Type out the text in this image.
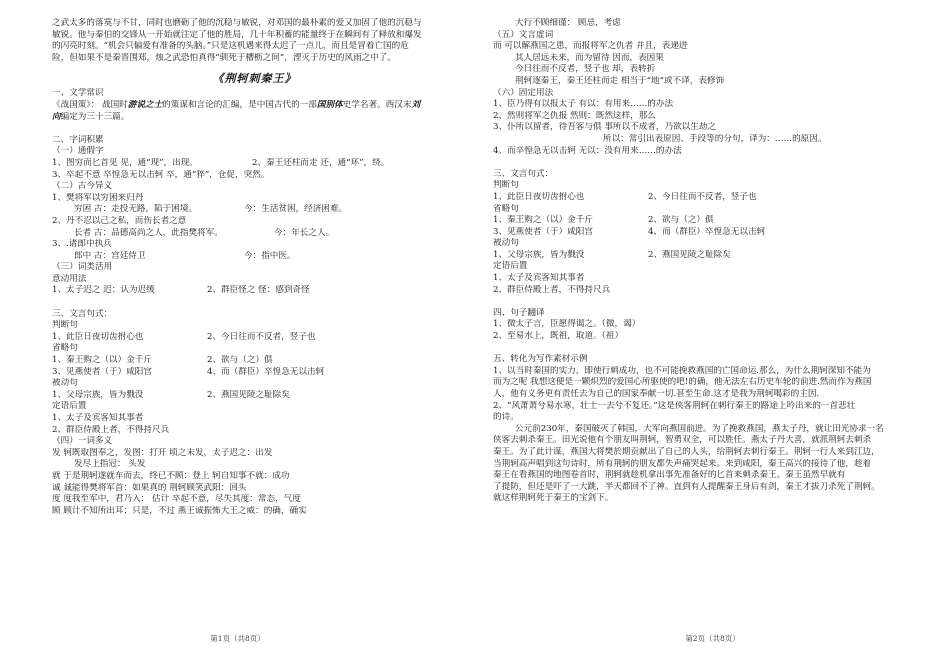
之武太多的落寞与不甘，同时也磨砺了他的沉稳与敏锐，对邓国的最朴素的爱又加固了他的沉稳与
敏锐。他与秦伯的交锋从一开始就注定了他的胜局，几十年积蓄的能量终于在瞬间有了释放和爆发
的闪亮时刻。“机会只偏爱有准备的头脑。”只是这机遇来得太迟了一点儿，而且是冒着亡国的危
险，但如果不是秦晋围郑，烛之武恐怕真得“驯死于槽枥之间”，湮灭于历史的风雨之中了。
《荆轲刺秦王》
一、文学常识
《战国策》： 战国时游说之士的策谋和言论的汇编，是中国古代的一部国别体史学名著。西汉末刘
向编定为三十三篇。
二、字词积累
（一）通假字
1、图穷而匕首见 见，通“现”，出现。	2、秦王还柱而走 还，通“环”，绕。
3、卒起不意 卒惶急无以击轲 卒，通“猝”，仓促，突然。
（二）古今异义
1、樊将军以穷困来归丹
穷困 古：走投无路，陷于困境。	今：生活贫困，经济困难。
2、丹不忍以己之私，而伤长者之意
长者 古：品德高尚之人，此指樊将军。	今：年长之人。
3、.诸郎中执兵
郎中 古：宫廷侍卫	今：指中医。
（三）词类活用
意动用法
1、太子迟之 迟：认为迟缓	2、群臣怪之 怪：感到奇怪
三、文言句式：
判断句
1、此臣日夜切齿拊心也	2、今日往而不反者，竖子也
省略句
1、秦王购之（以）金千斤	2、欲与（之）俱
3、见燕使者（于）咸阳宫	4、而（群臣）卒惶急无以击轲
被动句
1、父母宗族，皆为戮没	2、燕国见陵之耻除矣
定语后置
1、太子及宾客知其事者
2、群臣侍殿上者，不得持尺兵
（四）一词多义
发 轲既取图奉之，发图：打开 顷之未发，太子迟之：出发
发尽上指冠： 头发
就 于是荆轲遂就车而去，终已不顾：登上 轲自知事不就：成功
诚 诚能得樊将军首：如果真的 荆轲顾笑武阳：回头
度 度我至军中，君乃入： 估计 卒起不意，尽失其度：常态，气度
顾 顾计不知所出耳：只是，不过 燕王诚振怖大王之威：的确，确实
第1页（共8页）
大行不顾细谨： 顾忌，考虑
（五）文言虚词
而 可以解燕国之患，而报将军之仇者 并且，表递进
其人居远未来，而为留待 因而，表因果
今日往而不反者，竖子也 却，表转折
荆轲逐秦王，秦王还柱而走 相当于“地”或不译，表修饰
（六）固定用法
1、臣乃得有以报太子 有以：有用来……的办法
2、然则将军之仇报 然则：既然这样，那么
3、仆所以留者，待吾客与俱 事所以不成者，乃欲以生劫之
所以：常引出表原因、手段等的分句，译为：……的原因。
4、而卒惶急无以击轲 无以：没有用来……的办法
三、文言句式：
判断句
1、此臣日夜切齿拊心也	2、今日往而不反者，竖子也
省略句
1、秦王购之（以）金千斤	2、欲与（之）俱
3、见燕使者（于）咸阳宫	4、而（群臣）卒惶急无以击轲
被动句
1、父母宗族，皆为戮没	2、燕国见陵之耻除矣
定语后置
1、太子及宾客知其事者
2、群臣侍殿上者，不得持尺兵
四、句子翻译
1、微太子言，臣愿得谒之。（微，谒）
2、至易水上，既祖，取道。（祖）
五、转化为写作素材示例
1、以当时秦国的实力，即使行刺成功，也不可能挽救燕国的亡国命运.那么，为什么荆轲深知不能为
而为之呢 我想这便是一颗炽烈的爱国心所驱使的吧!的确，他无法左右历史车轮的前进.然而作为燕国
人，他有义务更有责任去为自己的国家奉献一切.甚至生命.这才是我为荆轲喝彩的主因.
2、“风萧萧兮易水寒，壮士一去兮不复还。”这是侠客荆轲在刺行秦王的路途上吟出来的一首悲壮
的诗。
公元前230年，秦国破灭了韩国，大军向燕国前进。为了挽救燕国，燕太子丹，就让田光协求一名
侠客去刺杀秦王。田光说他有个朋友叫荆轲，智勇双全，可以胜任。燕太子丹大喜，就派荆轲去刺杀
秦王。为了此计谋，燕国大将樊於期贡献出了自己的人头，给荆轲去刺行秦王。荆轲一行人来到江边，
当荆轲高声唱到这句诗时，所有荆轲的朋友都失声痛哭起来。来到咸阳，秦王高兴的接待了他，趁着
秦王在看燕国的地图卷首时，荆轲就趁机拿出事先准备好的匕首来刺杀秦王。秦王虽然早就有
了提防，但还是吓了一大跳，半天都回不了神。直到有人提醒秦王身后有剑，秦王才拔刀杀死了荆轲。
就这样荆轲死于秦王的宝剑下。
第2页（共8页）
